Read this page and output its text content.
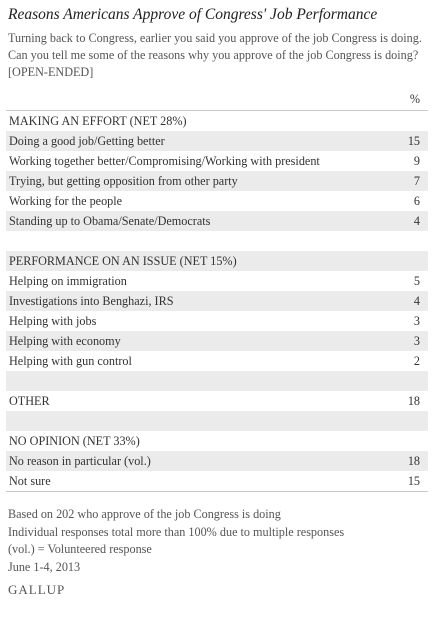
Reasons Americans Approve of Congress' Job Performance
Turning back to Congress, earlier you said you approve of the job Congress is doing. Can you tell me some of the reasons why you approve of the job Congress is doing? [OPEN-ENDED]
	%
MAKING AN EFFORT (NET 28%)	
Doing a good job/Getting better	15
Working together better/Compromising/Working with president	9
Trying, but getting opposition from other party	7
Working for the people	6
Standing up to Obama/Senate/Democrats	4

PERFORMANCE ON AN ISSUE (NET 15%)	
Helping on immigration	5
Investigations into Benghazi, IRS	4
Helping with jobs	3
Helping with economy	3
Helping with gun control	2

OTHER	18

NO OPINION (NET 33%)	
No reason in particular (vol.)	18
Not sure	15
Based on 202 who approve of the job Congress is doing
Individual responses total more than 100% due to multiple responses
(vol.) = Volunteered response
June 1-4, 2013
GALLUP
